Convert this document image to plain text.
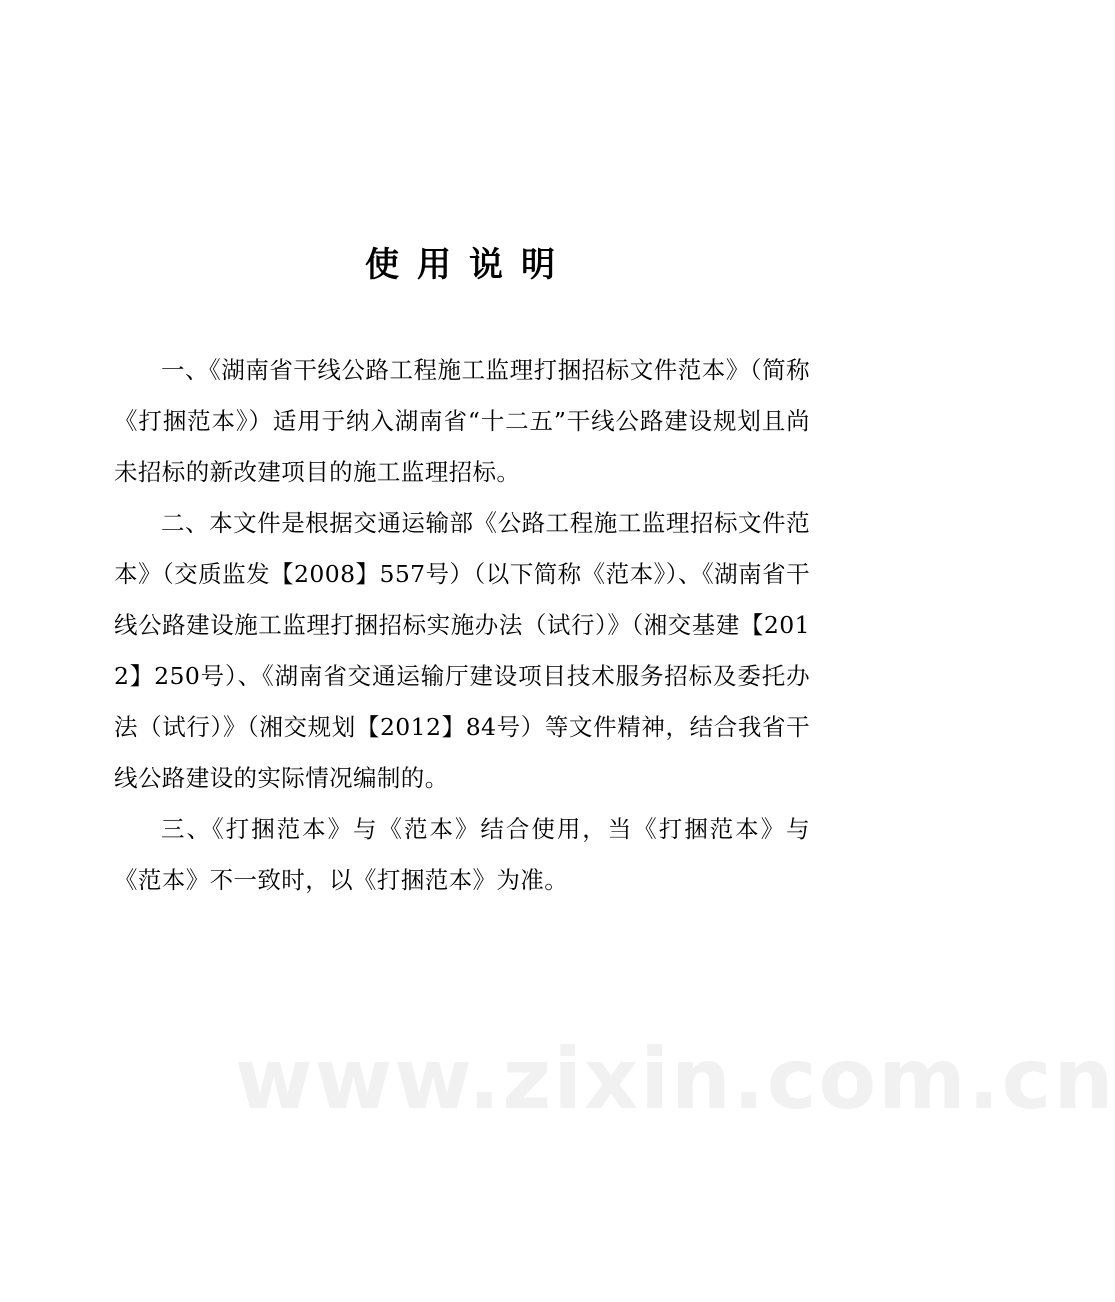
www.zixin.com.cn
使用说明

一、《湖南省干线公路工程施工监理打捆招标文件范本》（简称《打捆范本》）适用于纳入湖南省“十二五”干线公路建设规划且尚未招标的新改建项目的施工监理招标。

二、本文件是根据交通运输部《公路工程施工监理招标文件范本》（交质监发【2008】557号）（以下简称《范本》）、《湖南省干线公路建设施工监理打捆招标实施办法（试行）》（湘交基建【2012】250号）、《湖南省交通运输厅建设项目技术服务招标及委托办法（试行）》（湘交规划【2012】84号）等文件精神，结合我省干线公路建设的实际情况编制的。

三、《打捆范本》与《范本》结合使用，当《打捆范本》与《范本》不一致时，以《打捆范本》为准。
